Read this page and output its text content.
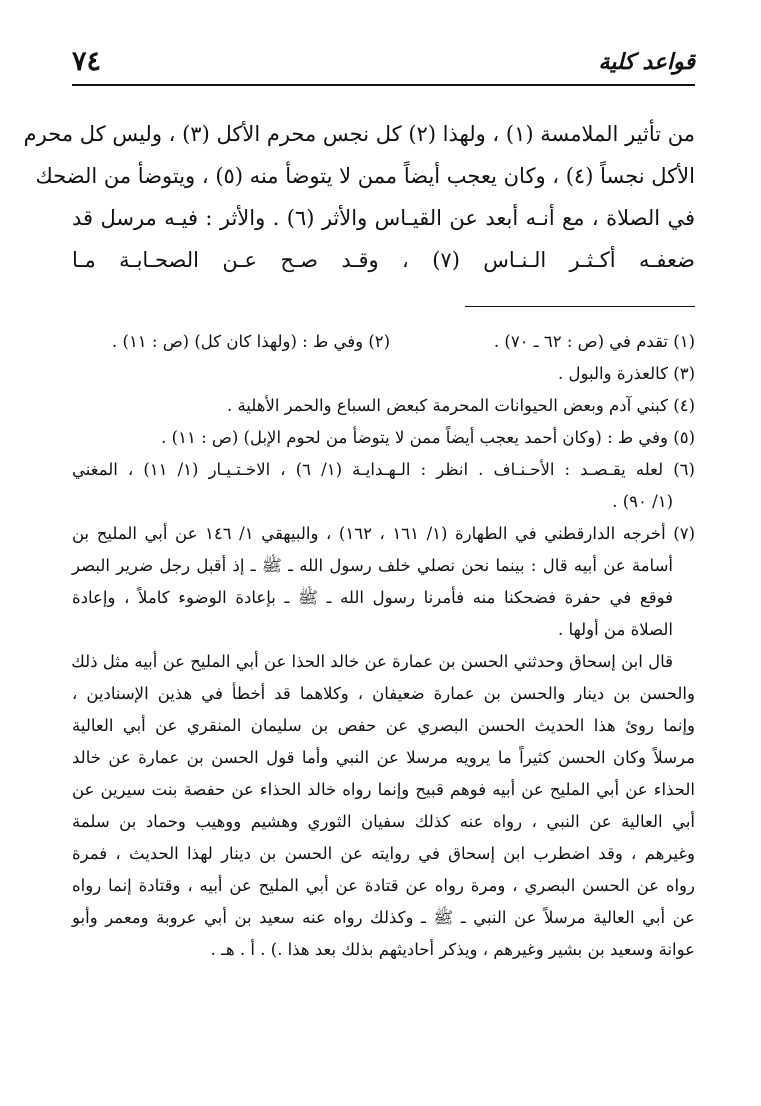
٧٤	قواعد كلية
من تأثير الملامسة (١) ، ولهذا (٢) كل نجس محرم الأكل (٣) ، وليس كل محرم
الأكل نجساً (٤) ، وكان يعجب أيضاً ممن لا يتوضأ منه (٥) ، ويتوضأ من الضحك
في الصلاة ، مع أنـه أبعد عن القيـاس والأثر (٦) . والأثر : فيـه مرسل قد
ضعفـه أكـثـر الـنـاس (٧) ، وقـد صـح عـن الصحـابـة مـا
(١) تقدم في (ص : ٦٢ ـ ٧٠) .
(٢) وفي ط : (ولهذا كان كل) (ص : ١١) .
(٣) كالعذرة والبول .
(٤) كبني آدم وبعض الحيوانات المحرمة كبعض السباع والحمر الأهلية .
(٥) وفي ط : (وكان أحمد يعجب أيضاً ممن لا يتوضأ من لحوم الإبل) (ص : ١١) .
(٦) لعله يقـصـد : الأحـنـاف . انظر : الـهـدايـة (١/ ٦) ، الاخـتـيـار (١/ ١١) ، المغني
(١/ ٩٠) .
(٧) أخرجه الدارقطني في الطهارة (١/ ١٦١ ، ١٦٢) ، والبيهقي ١/ ١٤٦ عن أبي المليح بن
أسامة عن أبيه قال : بينما نحن نصلي خلف رسول الله ـ ﷺ ـ إذ أقبل رجل ضرير البصر
فوقع في حفرة فضحكنا منه فأمرنا رسول الله ـ ﷺ ـ بإعادة الوضوء كاملاً ، وإعادة
الصلاة من أولها .
قال ابن إسحاق وحدثني الحسن بن عمارة عن خالد الحذا عن أبي المليح عن أبيه مثل ذلك
والحسن بن دينار والحسن بن عمارة ضعيفان ، وكلاهما قد أخطأ في هذين الإسنادين ،
وإنما روئ هذا الحديث الحسن البصري عن حفص بن سليمان المنقري عن أبي العالية
مرسلاً وكان الحسن كثيراً ما يرويه مرسلا عن النبي وأما قول الحسن بن عمارة عن خالد
الحذاء عن أبي المليح عن أبيه فوهم قبيح وإنما رواه خالد الحذاء عن حفصة بنت سيرين عن
أبي العالية عن النبي ، رواه عنه كذلك سفيان الثوري وهشيم ووهيب وحماد بن سلمة
وغيرهم ، وقد اضطرب ابن إسحاق في روايته عن الحسن بن دينار لهذا الحديث ، فمرة
رواه عن الحسن البصري ، ومرة رواه عن قتادة عن أبي المليح عن أبيه ، وقتادة إنما رواه
عن أبي العالية مرسلاً عن النبي ـ ﷺ ـ وكذلك رواه عنه سعيد بن أبي عروبة ومعمر وأبو
عوانة وسعيد بن بشير وغيرهم ، ويذكر أحاديثهم بذلك بعد هذا .) . أ . هـ .
